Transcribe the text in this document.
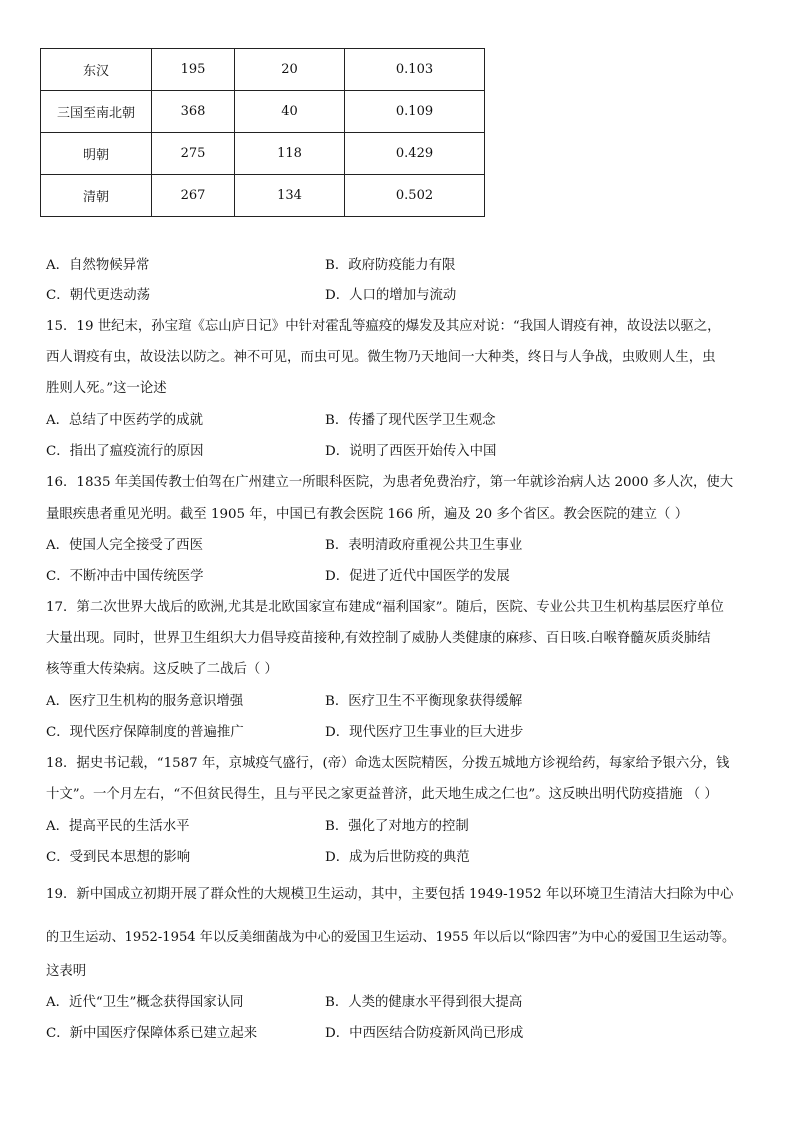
东汉	195	20	0.103
三国至南北朝	368	40	0.109
明朝	275	118	0.429
清朝	267	134	0.502
A．自然物候异常	B．政府防疫能力有限
C．朝代更迭动荡	D．人口的增加与流动
15．19 世纪末，孙宝瑄《忘山庐日记》中针对霍乱等瘟疫的爆发及其应对说：“我国人谓疫有神，故设法以驱之，
西人谓疫有虫，故设法以防之。神不可见，而虫可见。微生物乃天地间一大种类，终日与人争战，虫败则人生，虫
胜则人死。”这一论述
A．总结了中医药学的成就	B．传播了现代医学卫生观念
C．指出了瘟疫流行的原因	D．说明了西医开始传入中国
16．1835 年美国传教士伯驾在广州建立一所眼科医院，为患者免费治疗，第一年就诊治病人达 2000 多人次，使大
量眼疾患者重见光明。截至 1905 年，中国已有教会医院 166 所，遍及 20 多个省区。教会医院的建立（ ）
A．使国人完全接受了西医	B．表明清政府重视公共卫生事业
C．不断冲击中国传统医学	D．促进了近代中国医学的发展
17．第二次世界大战后的欧洲,尤其是北欧国家宣布建成“福利国家”。随后，医院、专业公共卫生机构基层医疗单位
大量出现。同时，世界卫生组织大力倡导疫苗接种,有效控制了威胁人类健康的麻疹、百日咳.白喉脊髓灰质炎肺结
核等重大传染病。这反映了二战后（ ）
A．医疗卫生机构的服务意识增强	B．医疗卫生不平衡现象获得缓解
C．现代医疗保障制度的普遍推广	D．现代医疗卫生事业的巨大进步
18．据史书记载，“1587 年，京城疫气盛行，(帝）命选太医院精医，分拨五城地方诊视给药，每家给予银六分，钱
十文”。一个月左右，“不但贫民得生，且与平民之家更益普济，此天地生成之仁也”。这反映出明代防疫措施 （ ）
A．提高平民的生活水平	B．强化了对地方的控制
C．受到民本思想的影响	D．成为后世防疫的典范
19．新中国成立初期开展了群众性的大规模卫生运动，其中，主要包括 1949-1952 年以环境卫生清洁大扫除为中心
的卫生运动、1952-1954 年以反美细菌战为中心的爱国卫生运动、1955 年以后以“除四害”为中心的爱国卫生运动等。
这表明
A．近代“卫生”概念获得国家认同	B．人类的健康水平得到很大提高
C．新中国医疗保障体系已建立起来	D．中西医结合防疫新风尚已形成
